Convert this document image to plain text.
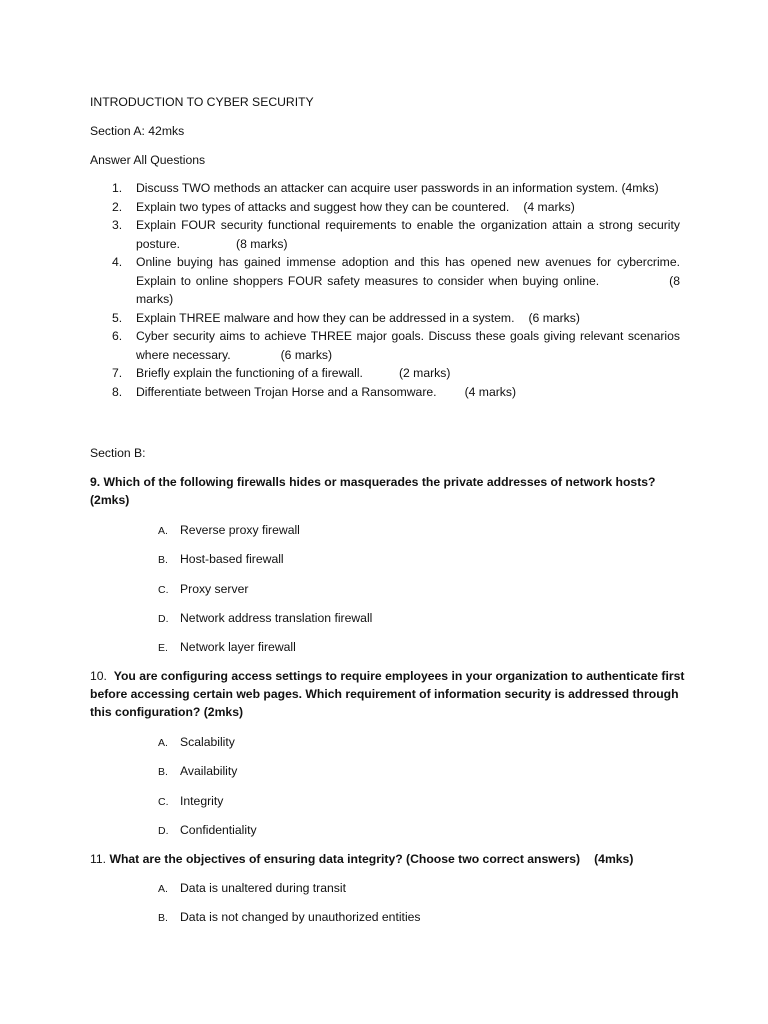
INTRODUCTION TO CYBER SECURITY
Section A: 42mks
Answer All Questions
1. Discuss TWO methods an attacker can acquire user passwords in an information system. (4mks)
2. Explain two types of attacks and suggest how they can be countered. (4 marks)
3. Explain FOUR security functional requirements to enable the organization attain a strong security posture.	(8 marks)
4. Online buying has gained immense adoption and this has opened new avenues for cybercrime. Explain to online shoppers FOUR safety measures to consider when buying online.	(8 marks)
5. Explain THREE malware and how they can be addressed in a system. (6 marks)
6. Cyber security aims to achieve THREE major goals. Discuss these goals giving relevant scenarios where necessary.	(6 marks)
7. Briefly explain the functioning of a firewall.	(2 marks)
8. Differentiate between Trojan Horse and a Ransomware. (4 marks)
Section B:
9. Which of the following firewalls hides or masquerades the private addresses of network hosts?
(2mks)
A. Reverse proxy firewall
B. Host-based firewall
C. Proxy server
D. Network address translation firewall
E. Network layer firewall
10. You are configuring access settings to require employees in your organization to authenticate first
before accessing certain web pages. Which requirement of information security is addressed through
this configuration? (2mks)
A. Scalability
B. Availability
C. Integrity
D. Confidentiality
11. What are the objectives of ensuring data integrity? (Choose two correct answers) (4mks)
A. Data is unaltered during transit
B. Data is not changed by unauthorized entities
